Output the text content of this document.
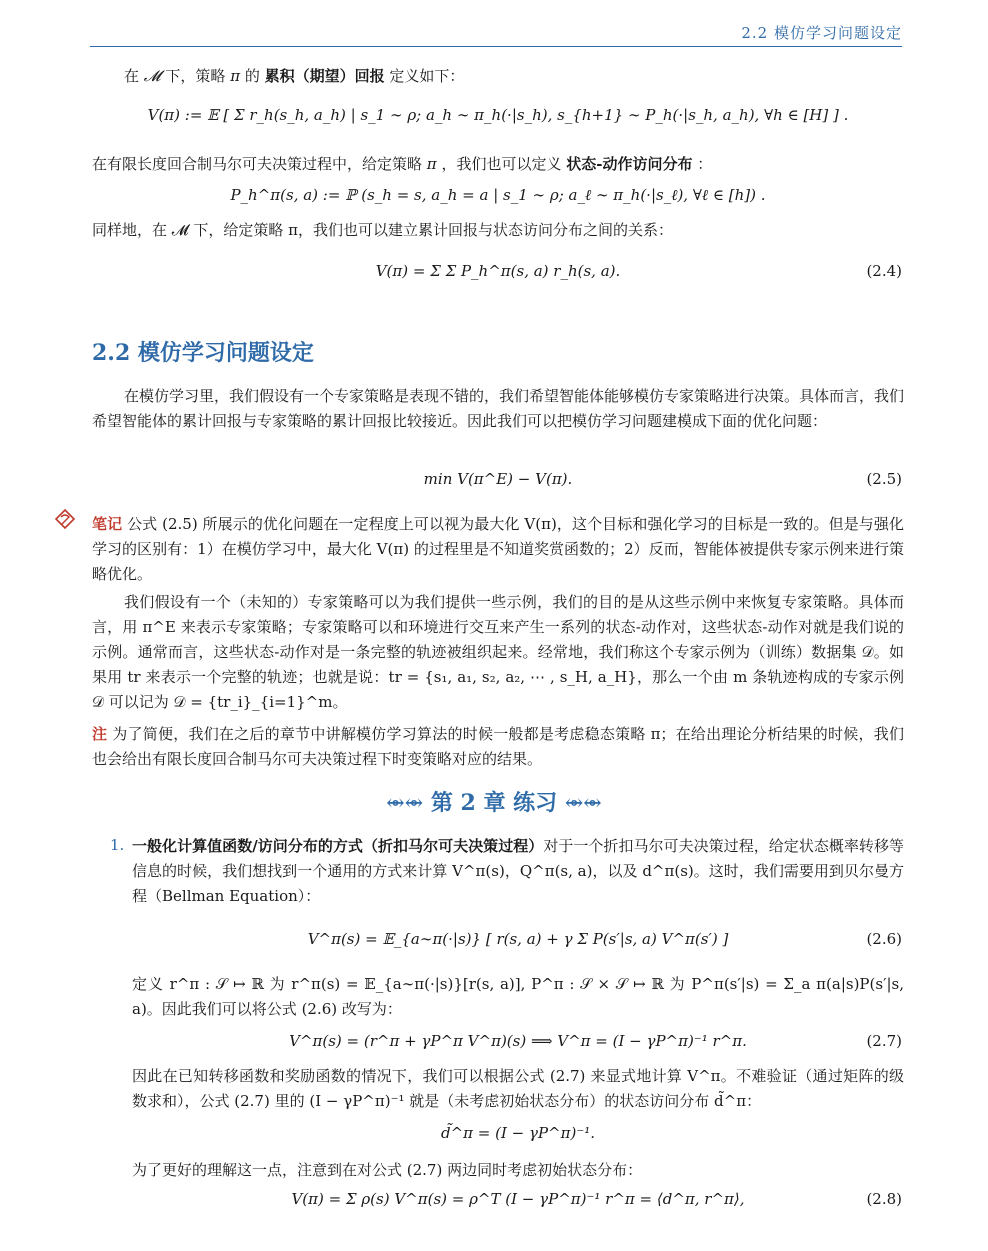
2.2 模仿学习问题设定
在 𝓜 下，策略 π 的 累积（期望）回报 定义如下：
V(π) := 𝔼 [ Σ r_h(s_h, a_h) | s_1 ∼ ρ; a_h ∼ π_h(·|s_h), s_{h+1} ∼ P_h(·|s_h, a_h), ∀h ∈ [H] ] .
在有限长度回合制马尔可夫决策过程中，给定策略 π ，我们也可以定义 状态-动作访问分布 ：
P_h^π(s, a) := ℙ (s_h = s, a_h = a | s_1 ∼ ρ; a_ℓ ∼ π_h(·|s_ℓ), ∀ℓ ∈ [h]) .
同样地，在 𝓜 下，给定策略 π，我们也可以建立累计回报与状态访问分布之间的关系：
V(π) = Σ Σ P_h^π(s, a) r_h(s, a).	(2.4)
2.2 模仿学习问题设定
在模仿学习里，我们假设有一个专家策略是表现不错的，我们希望智能体能够模仿专家策略进行决策。具体而言，我们希望智能体的累计回报与专家策略的累计回报比较接近。因此我们可以把模仿学习问题建模成下面的优化问题：
min V(π^E) − V(π).	(2.5)
笔记 公式 (2.5) 所展示的优化问题在一定程度上可以视为最大化 V(π)，这个目标和强化学习的目标是一致的。但是与强化学习的区别有：1）在模仿学习中，最大化 V(π) 的过程里是不知道奖赏函数的；2）反而，智能体被提供专家示例来进行策略优化。
我们假设有一个（未知的）专家策略可以为我们提供一些示例，我们的目的是从这些示例中来恢复专家策略。具体而言，用 π^E 来表示专家策略；专家策略可以和环境进行交互来产生一系列的状态-动作对，这些状态-动作对就是我们说的示例。通常而言，这些状态-动作对是一条完整的轨迹被组织起来。经常地，我们称这个专家示例为（训练）数据集 𝒟。如果用 tr 来表示一个完整的轨迹；也就是说：tr = {s₁, a₁, s₂, a₂, ⋯ , s_H, a_H}，那么一个由 m 条轨迹构成的专家示例 𝒟 可以记为 𝒟 = {tr_i}_{i=1}^m。
注 为了简便，我们在之后的章节中讲解模仿学习算法的时候一般都是考虑稳态策略 π；在给出理论分析结果的时候，我们也会给出有限长度回合制马尔可夫决策过程下时变策略对应的结果。
⥈⥈ 第 2 章 练习 ⥈⥈
1. 一般化计算值函数/访问分布的方式（折扣马尔可夫决策过程）对于一个折扣马尔可夫决策过程，给定状态概率转移等信息的时候，我们想找到一个通用的方式来计算 V^π(s)，Q^π(s, a)，以及 d^π(s)。这时，我们需要用到贝尔曼方程（Bellman Equation）：
V^π(s) = 𝔼_{a∼π(·|s)} [ r(s, a) + γ Σ P(s′|s, a) V^π(s′) ]	(2.6)
定义 r^π : 𝒮 ↦ ℝ 为 r^π(s) = 𝔼_{a∼π(·|s)}[r(s, a)], P^π : 𝒮 × 𝒮 ↦ ℝ 为 P^π(s′|s) = Σ_a π(a|s)P(s′|s, a)。因此我们可以将公式 (2.6) 改写为：
V^π(s) = (r^π + γP^π V^π)(s) ⟹ V^π = (I − γP^π)⁻¹ r^π.	(2.7)
因此在已知转移函数和奖励函数的情况下，我们可以根据公式 (2.7) 来显式地计算 V^π。不难验证（通过矩阵的级数求和），公式 (2.7) 里的 (I − γP^π)⁻¹ 就是（未考虑初始状态分布）的状态访问分布 d̃^π：
d̃^π = (I − γP^π)⁻¹.
为了更好的理解这一点，注意到在对公式 (2.7) 两边同时考虑初始状态分布：
V(π) = Σ ρ(s) V^π(s) = ρ^T (I − γP^π)⁻¹ r^π = ⟨d^π, r^π⟩,	(2.8)
